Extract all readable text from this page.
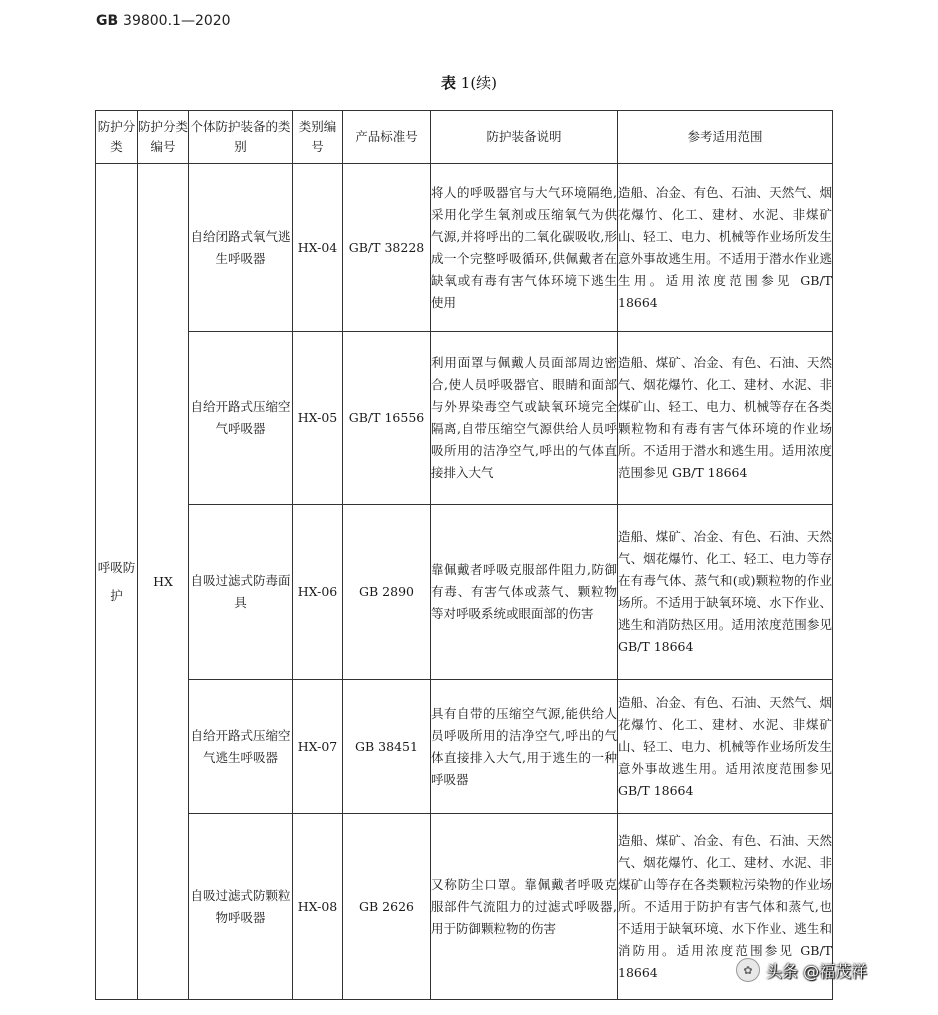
GB 39800.1—2020
表 1(续)
防护分类	防护分类编号	个体防护装备的类别	类别编号	产品标准号	防护装备说明	参考适用范围
呼吸防护	HX	自给闭路式氧气逃生呼吸器	HX-04	GB/T 38228	将人的呼吸器官与大气环境隔绝,采用化学生氧剂或压缩氧气为供气源,并将呼出的二氧化碳吸收,形成一个完整呼吸循环,供佩戴者在缺氧或有毒有害气体环境下逃生使用	造船、冶金、有色、石油、天然气、烟花爆竹、化工、建材、水泥、非煤矿山、轻工、电力、机械等作业场所发生意外事故逃生用。不适用于潜水作业逃生用。适用浓度范围参见 GB/T 18664
		自给开路式压缩空气呼吸器	HX-05	GB/T 16556	利用面罩与佩戴人员面部周边密合,使人员呼吸器官、眼睛和面部与外界染毒空气或缺氧环境完全隔离,自带压缩空气源供给人员呼吸所用的洁净空气,呼出的气体直接排入大气	造船、煤矿、冶金、有色、石油、天然气、烟花爆竹、化工、建材、水泥、非煤矿山、轻工、电力、机械等存在各类颗粒物和有毒有害气体环境的作业场所。不适用于潜水和逃生用。适用浓度范围参见 GB/T 18664
		自吸过滤式防毒面具	HX-06	GB 2890	靠佩戴者呼吸克服部件阻力,防御有毒、有害气体或蒸气、颗粒物等对呼吸系统或眼面部的伤害	造船、煤矿、冶金、有色、石油、天然气、烟花爆竹、化工、轻工、电力等存在有毒气体、蒸气和(或)颗粒物的作业场所。不适用于缺氧环境、水下作业、逃生和消防热区用。适用浓度范围参见 GB/T 18664
		自给开路式压缩空气逃生呼吸器	HX-07	GB 38451	具有自带的压缩空气源,能供给人员呼吸所用的洁净空气,呼出的气体直接排入大气,用于逃生的一种呼吸器	造船、冶金、有色、石油、天然气、烟花爆竹、化工、建材、水泥、非煤矿山、轻工、电力、机械等作业场所发生意外事故逃生用。适用浓度范围参见 GB/T 18664
		自吸过滤式防颗粒物呼吸器	HX-08	GB 2626	又称防尘口罩。靠佩戴者呼吸克服部件气流阻力的过滤式呼吸器,用于防御颗粒物的伤害	造船、煤矿、冶金、有色、石油、天然气、烟花爆竹、化工、建材、水泥、非煤矿山等存在各类颗粒污染物的作业场所。不适用于防护有害气体和蒸气,也不适用于缺氧环境、水下作业、逃生和消防用。适用浓度范围参见 GB/T 18664	✿ 头条 @福茂祥
